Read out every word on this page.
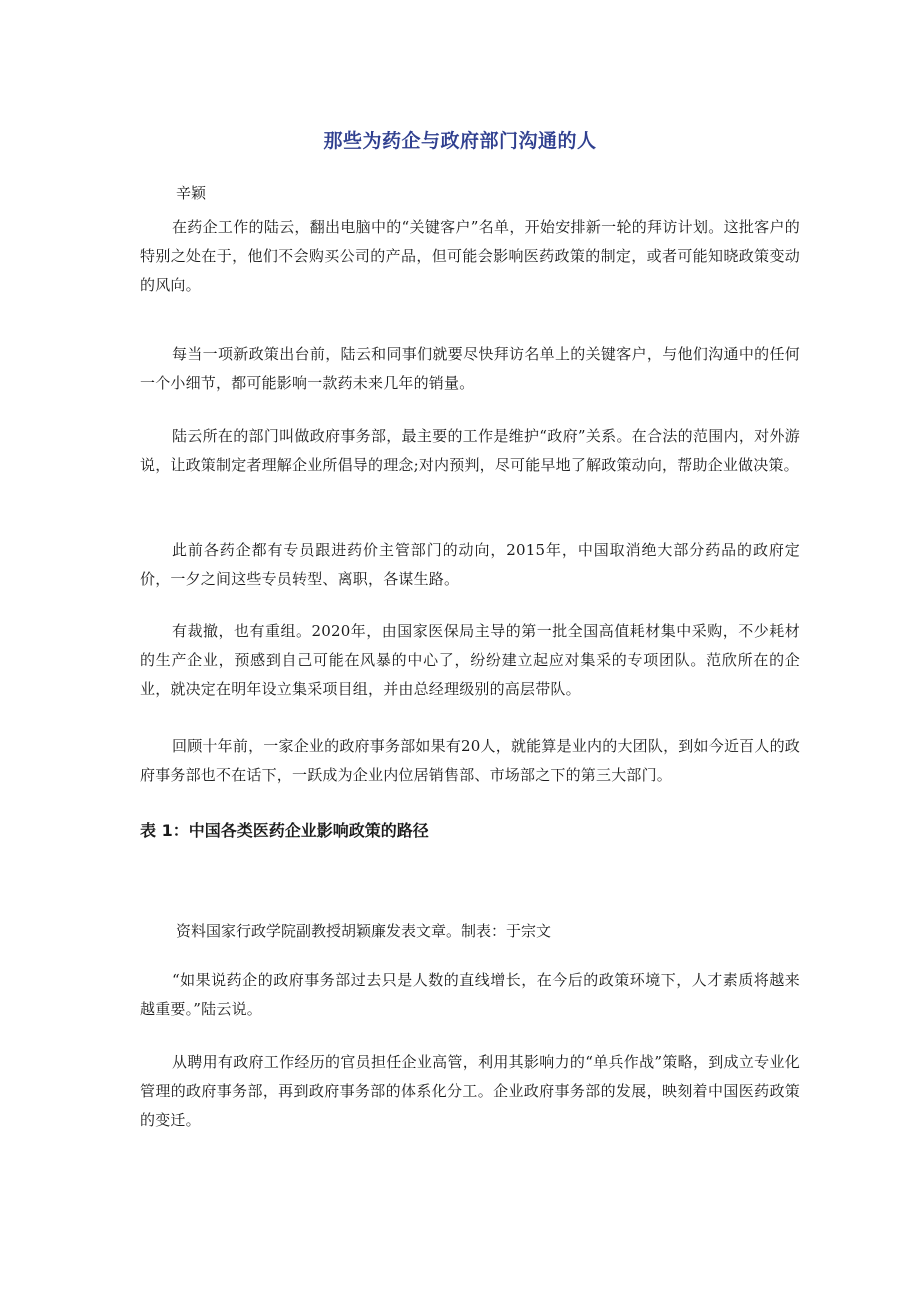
那些为药企与政府部门沟通的人
辛颖

在药企工作的陆云，翻出电脑中的“关键客户”名单，开始安排新一轮的拜访计划。这批客户的特别之处在于，他们不会购买公司的产品，但可能会影响医药政策的制定，或者可能知晓政策变动的风向。

每当一项新政策出台前，陆云和同事们就要尽快拜访名单上的关键客户，与他们沟通中的任何一个小细节，都可能影响一款药未来几年的销量。

陆云所在的部门叫做政府事务部，最主要的工作是维护“政府”关系。在合法的范围内，对外游说，让政策制定者理解企业所倡导的理念;对内预判，尽可能早地了解政策动向，帮助企业做决策。

此前各药企都有专员跟进药价主管部门的动向，2015年，中国取消绝大部分药品的政府定价，一夕之间这些专员转型、离职，各谋生路。

有裁撤，也有重组。2020年，由国家医保局主导的第一批全国高值耗材集中采购，不少耗材的生产企业，预感到自己可能在风暴的中心了，纷纷建立起应对集采的专项团队。范欣所在的企业，就决定在明年设立集采项目组，并由总经理级别的高层带队。

回顾十年前，一家企业的政府事务部如果有20人，就能算是业内的大团队，到如今近百人的政府事务部也不在话下，一跃成为企业内位居销售部、市场部之下的第三大部门。

表 1：中国各类医药企业影响政策的路径
资料国家行政学院副教授胡颖廉发表文章。制表：于宗文

“如果说药企的政府事务部过去只是人数的直线增长，在今后的政策环境下，人才素质将越来越重要。”陆云说。

从聘用有政府工作经历的官员担任企业高管，利用其影响力的“单兵作战”策略，到成立专业化管理的政府事务部，再到政府事务部的体系化分工。企业政府事务部的发展，映刻着中国医药政策的变迁。
